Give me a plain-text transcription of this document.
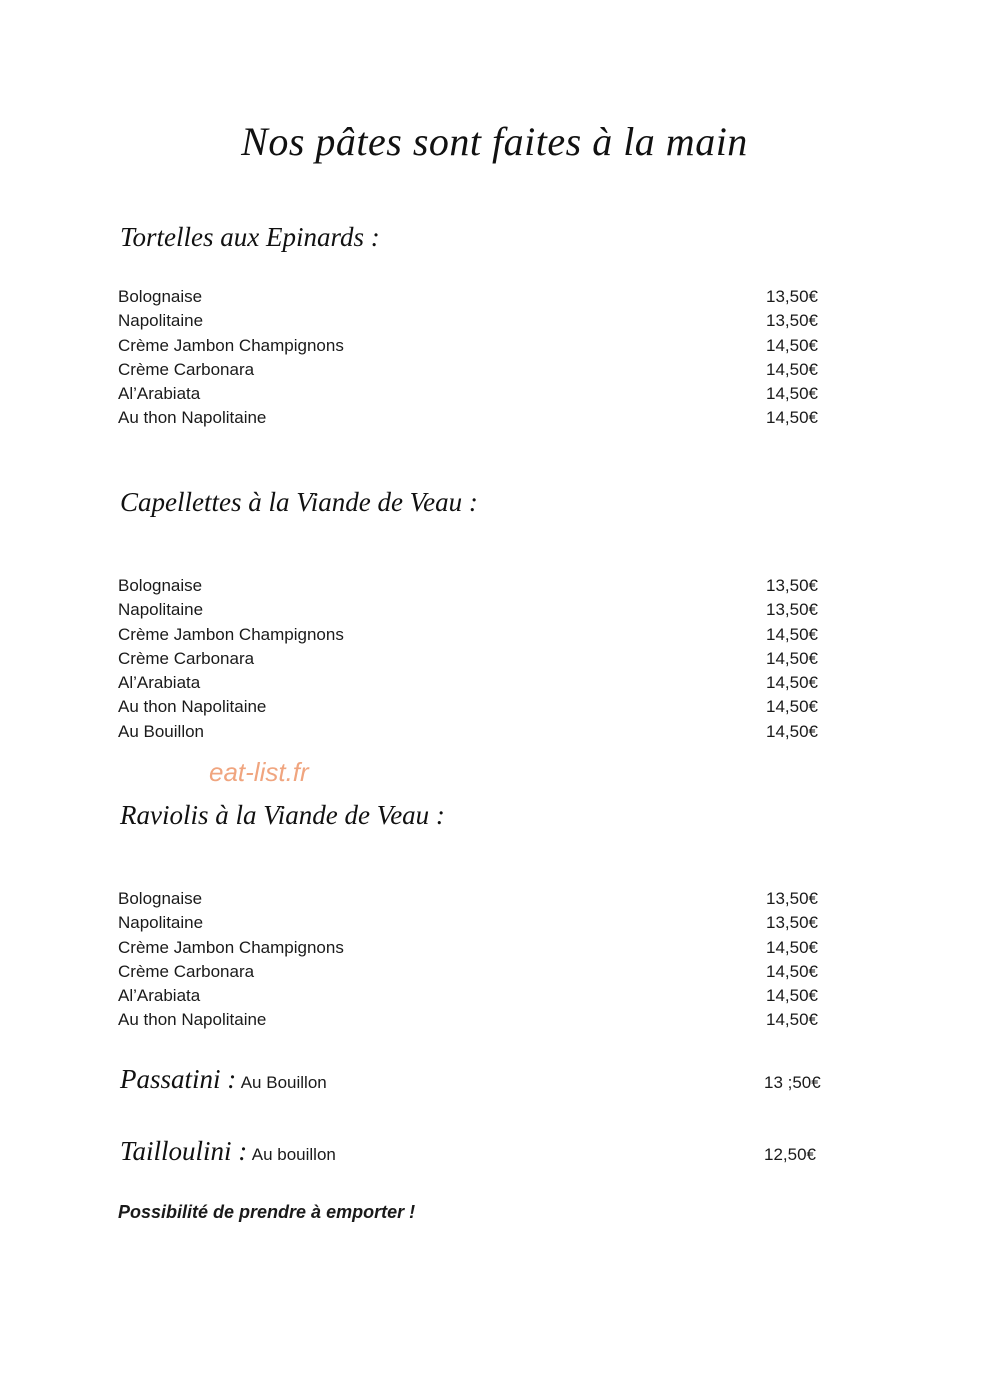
Nos pâtes sont faites à la main
Tortelles aux Epinards :
Bolognaise	13,50€
Napolitaine	13,50€
Crème Jambon Champignons	14,50€
Crème Carbonara	14,50€
Al’Arabiata	14,50€
Au thon Napolitaine	14,50€
Capellettes à la Viande de Veau :
Bolognaise	13,50€
Napolitaine	13,50€
Crème Jambon Champignons	14,50€
Crème Carbonara	14,50€
Al’Arabiata	14,50€
Au thon Napolitaine	14,50€
Au Bouillon	14,50€
eat-list.fr
Raviolis à la Viande de Veau :
Bolognaise	13,50€
Napolitaine	13,50€
Crème Jambon Champignons	14,50€
Crème Carbonara	14,50€
Al’Arabiata	14,50€
Au thon Napolitaine	14,50€
Passatini : Au Bouillon	13 ;50€
Tailloulini : Au bouillon	12,50€
Possibilité de prendre à emporter !
